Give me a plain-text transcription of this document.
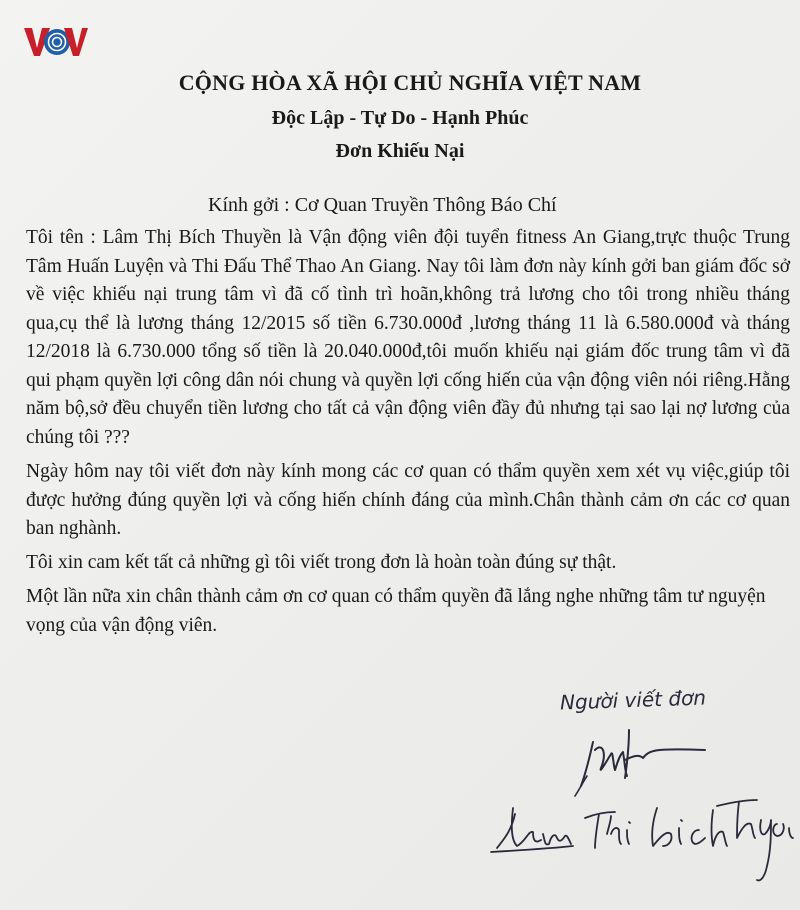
CỘNG HÒA XÃ HỘI CHỦ NGHĨA VIỆT NAM
Độc Lập - Tự Do - Hạnh Phúc
Đơn Khiếu Nại
Kính gởi : Cơ Quan Truyền Thông Báo Chí
Tôi tên : Lâm Thị Bích Thuyền là Vận động viên đội tuyển fitness An Giang,trực thuộc Trung Tâm Huấn Luyện và Thi Đấu Thể Thao An Giang. Nay tôi làm đơn này kính gởi ban giám đốc sở về việc khiếu nại trung tâm vì đã cố tình trì hoãn,không trả lương cho tôi trong nhiều tháng qua,cụ thể là lương tháng 12/2015 số tiền 6.730.000đ ,lương tháng 11 là 6.580.000đ và tháng 12/2018 là 6.730.000 tổng số tiền là 20.040.000đ,tôi muốn khiếu nại giám đốc trung tâm vì đã qui phạm quyền lợi công dân nói chung và quyền lợi cống hiến của vận động viên nói riêng.Hằng năm bộ,sở đều chuyển tiền lương cho tất cả vận động viên đầy đủ nhưng tại sao lại nợ lương của chúng tôi ???
Ngày hôm nay tôi viết đơn này kính mong các cơ quan có thẩm quyền xem xét vụ việc,giúp tôi được hưởng đúng quyền lợi và cống hiến chính đáng của mình.Chân thành cảm ơn các cơ quan ban nghành.
Tôi xin cam kết tất cả những gì tôi viết trong đơn là hoàn toàn đúng sự thật.
Một lần nữa xin chân thành cảm ơn cơ quan có thẩm quyền đã lắng nghe những tâm tư nguyện vọng của vận động viên.
Người viết đơn
